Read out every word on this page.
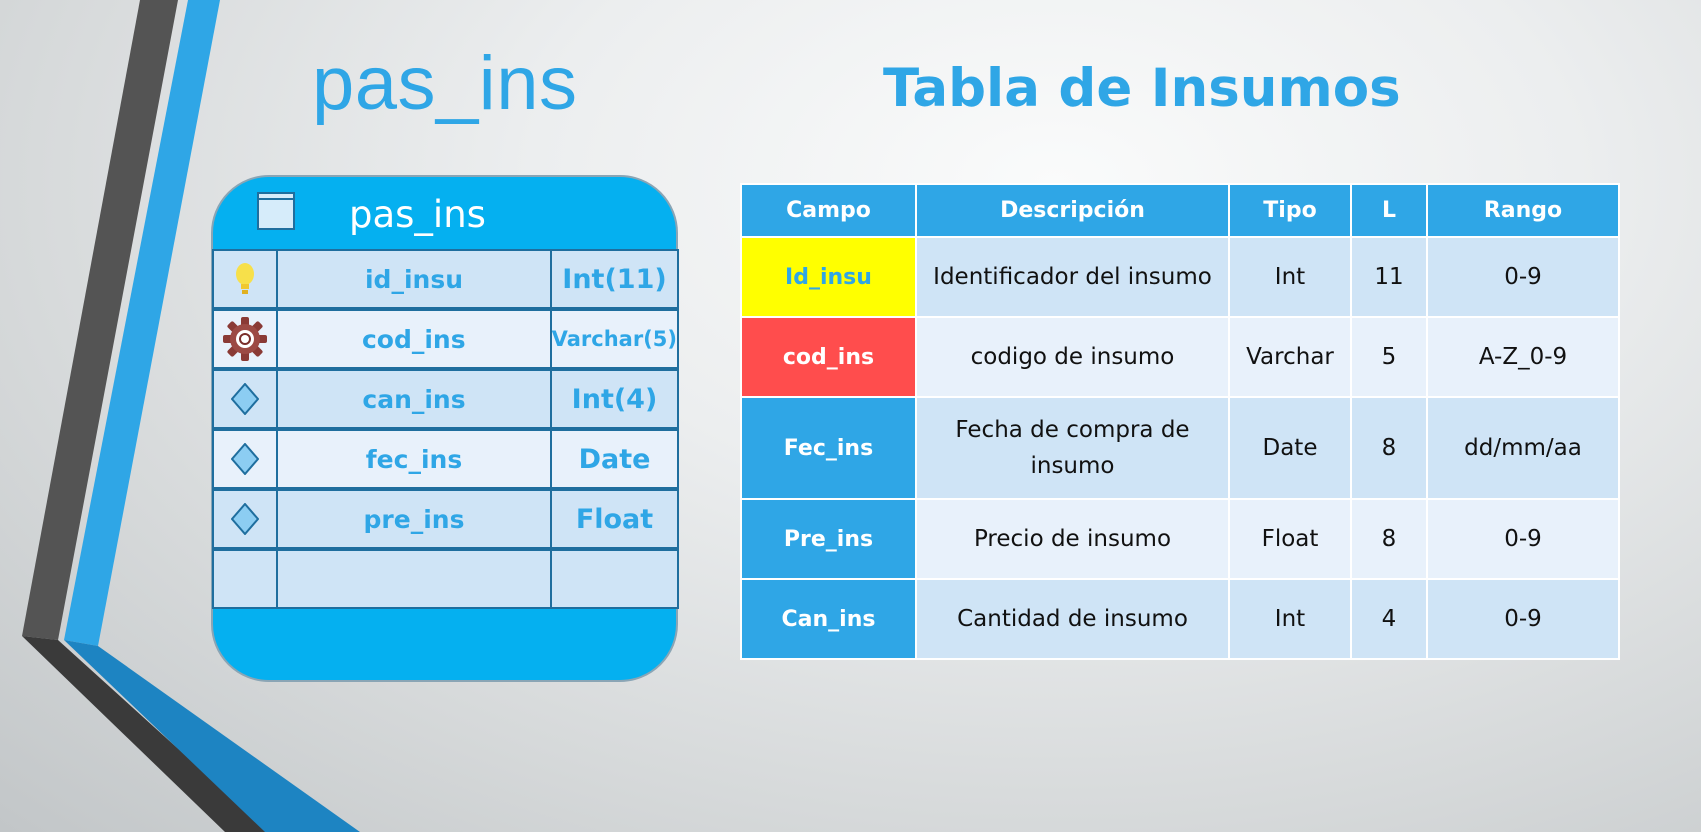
pas_ins	Tabla de Insumos
pas_ins
id_insu	Int(11)
cod_ins	Varchar(5)
can_ins	Int(4)
fec_ins	Date
pre_ins	Float
Campo	Descripción	Tipo	L	Rango
Id_insu	Identificador del insumo	Int	11	0-9
cod_ins	codigo de insumo	Varchar	5	A-Z_0-9
Fec_ins	Fecha de compra de insumo	Date	8	dd/mm/aa
Pre_ins	Precio de insumo	Float	8	0-9
Can_ins	Cantidad de insumo	Int	4	0-9
